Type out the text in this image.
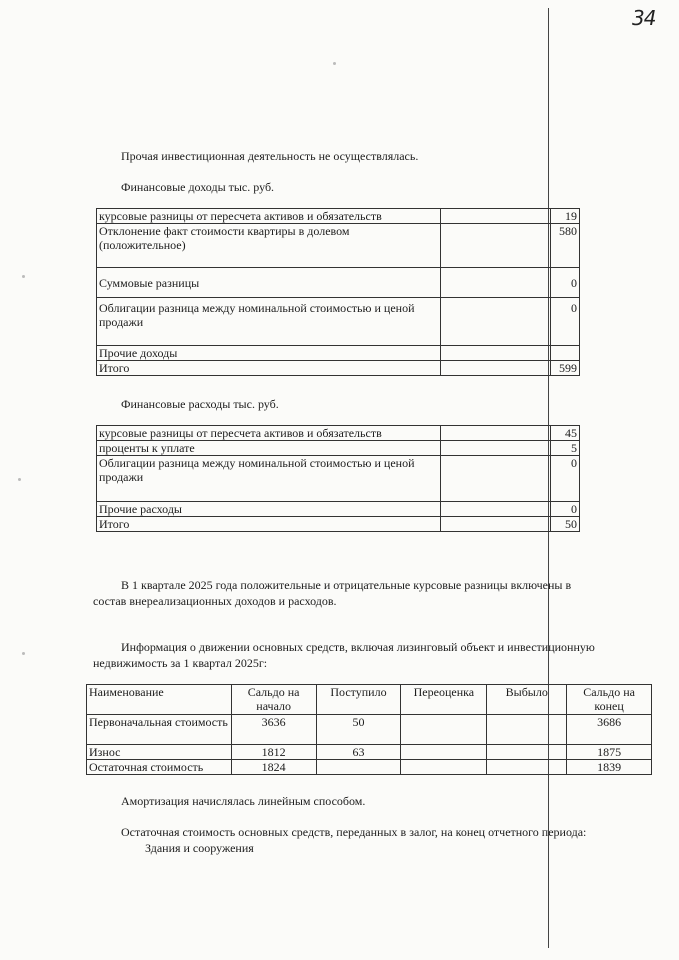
34
Прочая инвестиционная деятельность не осуществлялась.
Финансовые доходы тыс. руб.
курсовые разницы от пересчета активов и обязательств		19
Отклонение факт стоимости квартиры в долевом (положительное)		580
Суммовые разницы		0
Облигации разница между номинальной стоимостью и ценой продажи		0
Прочие доходы		
Итого		599
Финансовые расходы тыс. руб.
курсовые разницы от пересчета активов и обязательств		45
проценты к уплате		5
Облигации разница между номинальной стоимостью и ценой продажи		0
Прочие расходы		0
Итого		50
В 1 квартале 2025 года положительные и отрицательные курсовые разницы включены в
состав внереализационных доходов и расходов.
Информация о движении основных средств, включая лизинговый объект и инвестиционную
недвижимость за 1 квартал 2025г:
Наименование	Сальдо на начало	Поступило	Переоценка	Выбыло	Сальдо на конец
Первоначальная стоимость	3636	50			3686
Износ	1812	63			1875
Остаточная стоимость	1824				1839
Амортизация начислялась линейным способом.
Остаточная стоимость основных средств, переданных в залог, на конец отчетного периода:
Здания и сооружения
